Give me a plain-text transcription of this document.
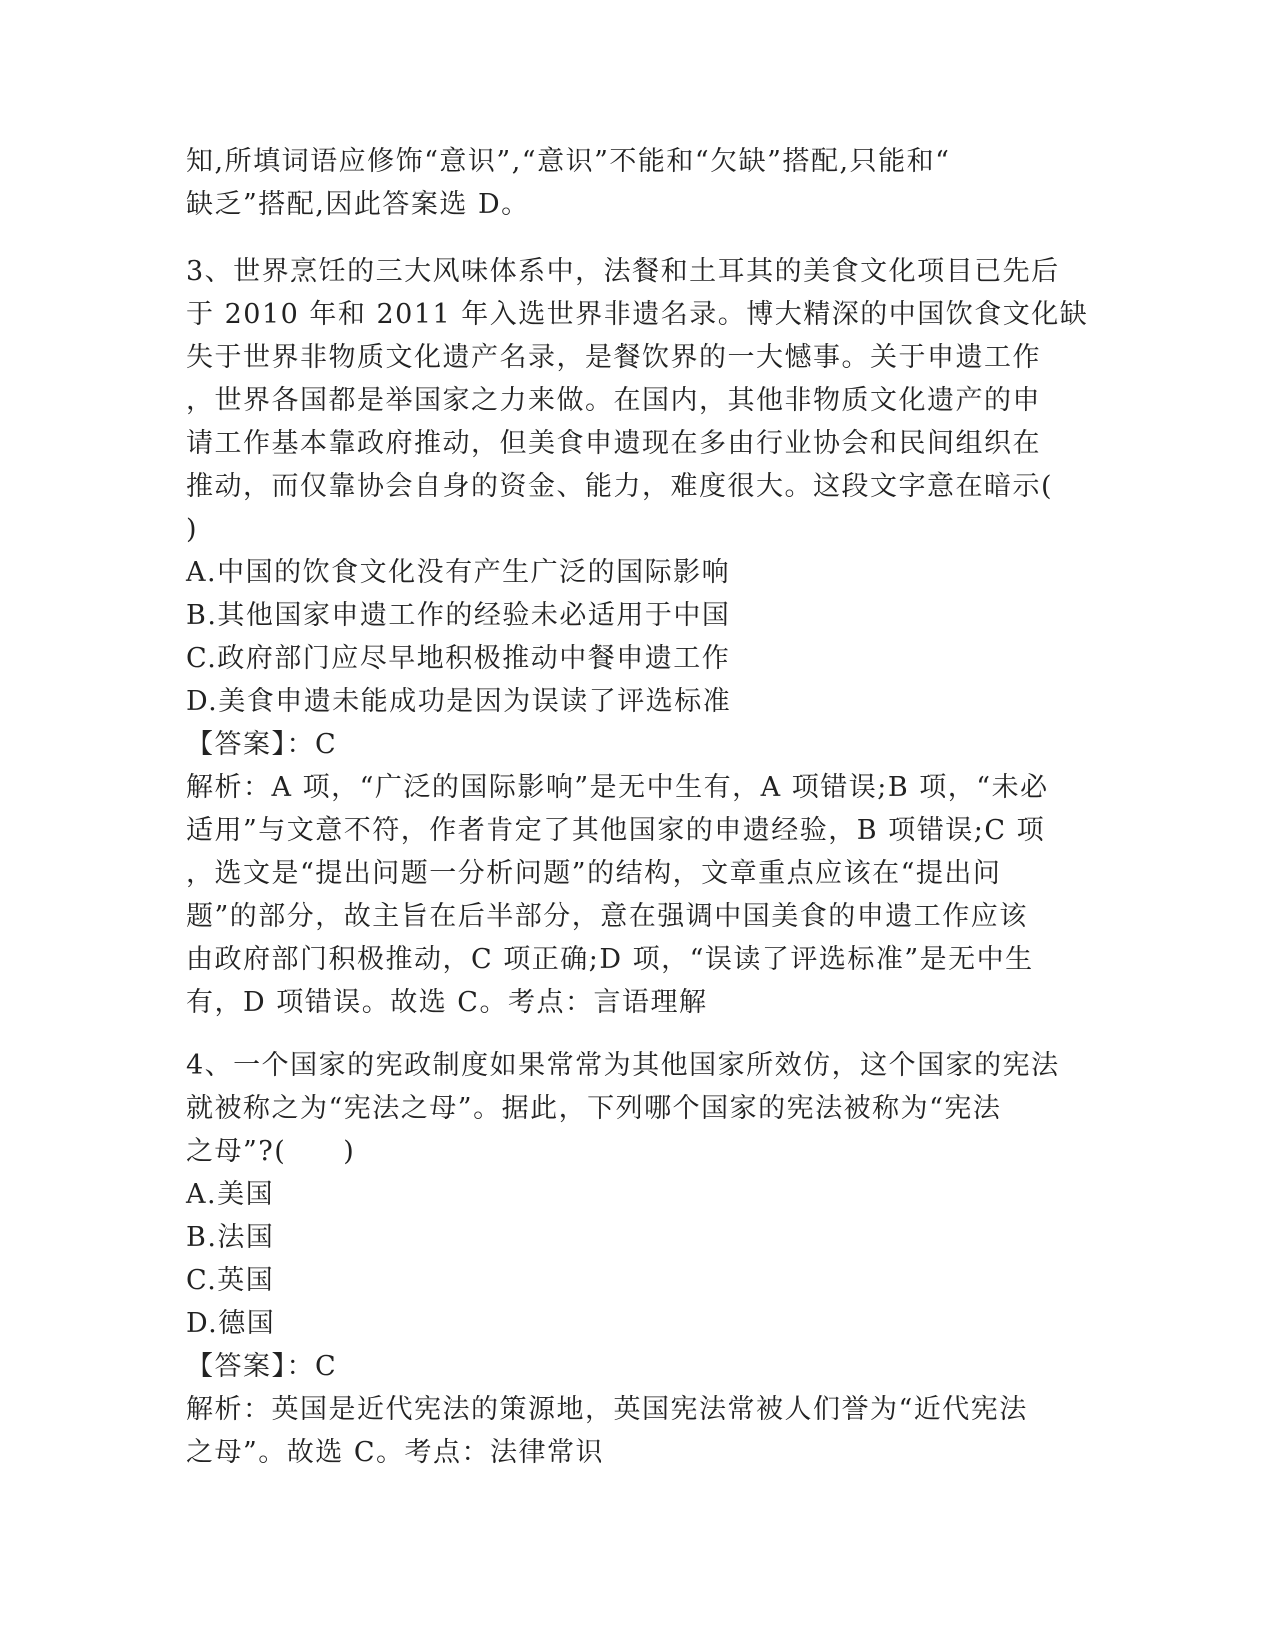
知,所填词语应修饰“意识”,“意识”不能和“欠缺”搭配,只能和“
缺乏”搭配,因此答案选 D。
3、世界烹饪的三大风味体系中，法餐和土耳其的美食文化项目已先后
于 2010 年和 2011 年入选世界非遗名录。博大精深的中国饮食文化缺
失于世界非物质文化遗产名录，是餐饮界的一大憾事。关于申遗工作
，世界各国都是举国家之力来做。在国内，其他非物质文化遗产的申
请工作基本靠政府推动，但美食申遗现在多由行业协会和民间组织在
推动，而仅靠协会自身的资金、能力，难度很大。这段文字意在暗示(
)
A.中国的饮食文化没有产生广泛的国际影响
B.其他国家申遗工作的经验未必适用于中国
C.政府部门应尽早地积极推动中餐申遗工作
D.美食申遗未能成功是因为误读了评选标准
【答案】：C
解析：A 项，“广泛的国际影响”是无中生有，A 项错误;B 项，“未必
适用”与文意不符，作者肯定了其他国家的申遗经验，B 项错误;C 项
，选文是“提出问题一分析问题”的结构，文章重点应该在“提出问
题”的部分，故主旨在后半部分，意在强调中国美食的申遗工作应该
由政府部门积极推动，C 项正确;D 项，“误读了评选标准”是无中生
有，D 项错误。故选 C。考点：言语理解
4、一个国家的宪政制度如果常常为其他国家所效仿，这个国家的宪法
就被称之为“宪法之母”。据此，下列哪个国家的宪法被称为“宪法
之母”?(　　)
A.美国
B.法国
C.英国
D.德国
【答案】：C
解析：英国是近代宪法的策源地，英国宪法常被人们誉为“近代宪法
之母”。故选 C。考点：法律常识
